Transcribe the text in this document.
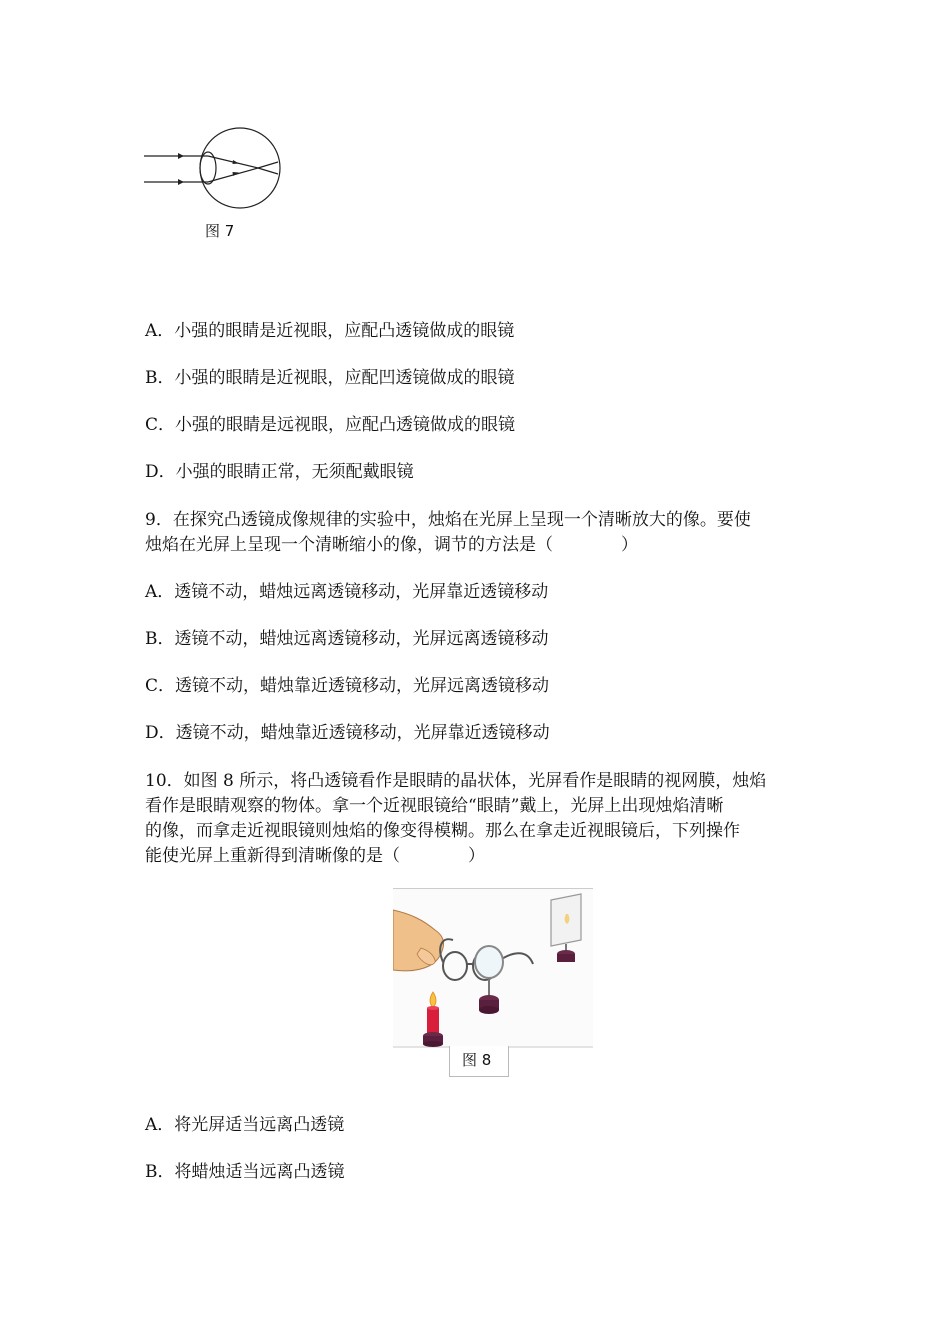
图 7
A．小强的眼睛是近视眼，应配凸透镜做成的眼镜
B．小强的眼睛是近视眼，应配凹透镜做成的眼镜
C．小强的眼睛是远视眼，应配凸透镜做成的眼镜
D．小强的眼睛正常，无须配戴眼镜
9．在探究凸透镜成像规律的实验中，烛焰在光屏上呈现一个清晰放大的像。要使
烛焰在光屏上呈现一个清晰缩小的像，调节的方法是（　　　　）
A．透镜不动，蜡烛远离透镜移动，光屏靠近透镜移动
B．透镜不动，蜡烛远离透镜移动，光屏远离透镜移动
C．透镜不动，蜡烛靠近透镜移动，光屏远离透镜移动
D．透镜不动，蜡烛靠近透镜移动，光屏靠近透镜移动
10．如图 8 所示，将凸透镜看作是眼睛的晶状体，光屏看作是眼睛的视网膜，烛焰
看作是眼睛观察的物体。拿一个近视眼镜给“眼睛”戴上，光屏上出现烛焰清晰
的像，而拿走近视眼镜则烛焰的像变得模糊。那么在拿走近视眼镜后，下列操作
能使光屏上重新得到清晰像的是（　　　　）
图 8
A．将光屏适当远离凸透镜
B．将蜡烛适当远离凸透镜
